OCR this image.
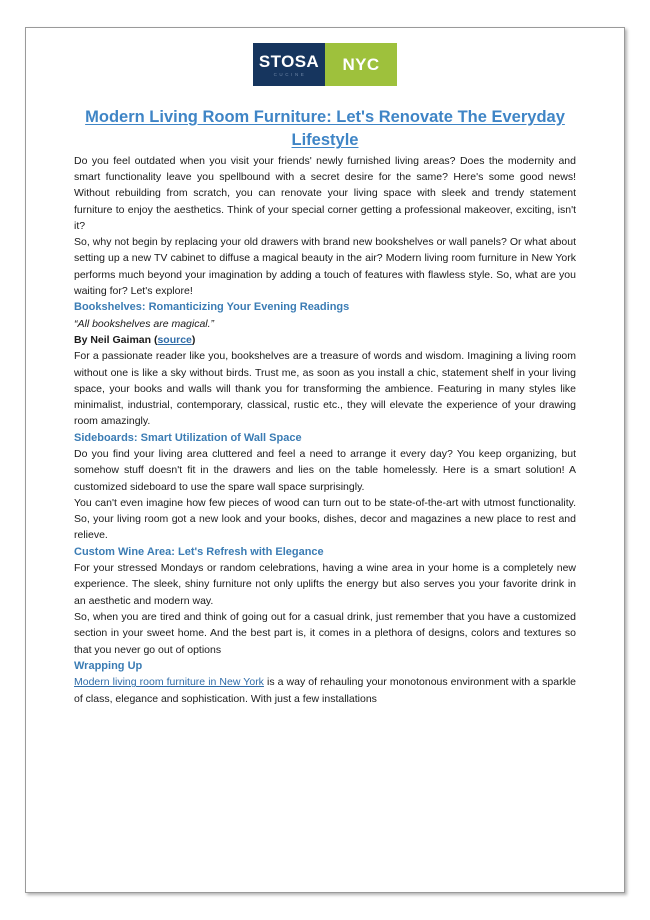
STOSA
CUCINE
NYC
Modern Living Room Furniture: Let's Renovate The Everyday Lifestyle

Do you feel outdated when you visit your friends' newly furnished living areas? Does the modernity and smart functionality leave you spellbound with a secret desire for the same? Here's some good news! Without rebuilding from scratch, you can renovate your living space with sleek and trendy statement furniture to enjoy the aesthetics. Think of your special corner getting a professional makeover, exciting, isn't it?

So, why not begin by replacing your old drawers with brand new bookshelves or wall panels? Or what about setting up a new TV cabinet to diffuse a magical beauty in the air? Modern living room furniture in New York performs much beyond your imagination by adding a touch of features with flawless style. So, what are you waiting for? Let's explore!

Bookshelves: Romanticizing Your Evening Readings

“All bookshelves are magical.”

By Neil Gaiman (source)

For a passionate reader like you, bookshelves are a treasure of words and wisdom. Imagining a living room without one is like a sky without birds. Trust me, as soon as you install a chic, statement shelf in your living space, your books and walls will thank you for transforming the ambience. Featuring in many styles like minimalist, industrial, contemporary, classical, rustic etc., they will elevate the experience of your drawing room amazingly.

Sideboards: Smart Utilization of Wall Space

Do you find your living area cluttered and feel a need to arrange it every day? You keep organizing, but somehow stuff doesn't fit in the drawers and lies on the table homelessly. Here is a smart solution! A customized sideboard to use the spare wall space surprisingly.

You can't even imagine how few pieces of wood can turn out to be state-of-the-art with utmost functionality. So, your living room got a new look and your books, dishes, decor and magazines a new place to rest and relieve.

Custom Wine Area: Let's Refresh with Elegance

For your stressed Mondays or random celebrations, having a wine area in your home is a completely new experience. The sleek, shiny furniture not only uplifts the energy but also serves you your favorite drink in an aesthetic and modern way.

So, when you are tired and think of going out for a casual drink, just remember that you have a customized section in your sweet home. And the best part is, it comes in a plethora of designs, colors and textures so that you never go out of options

Wrapping Up

Modern living room furniture in New York is a way of rehauling your monotonous environment with a sparkle of class, elegance and sophistication. With just a few installations
